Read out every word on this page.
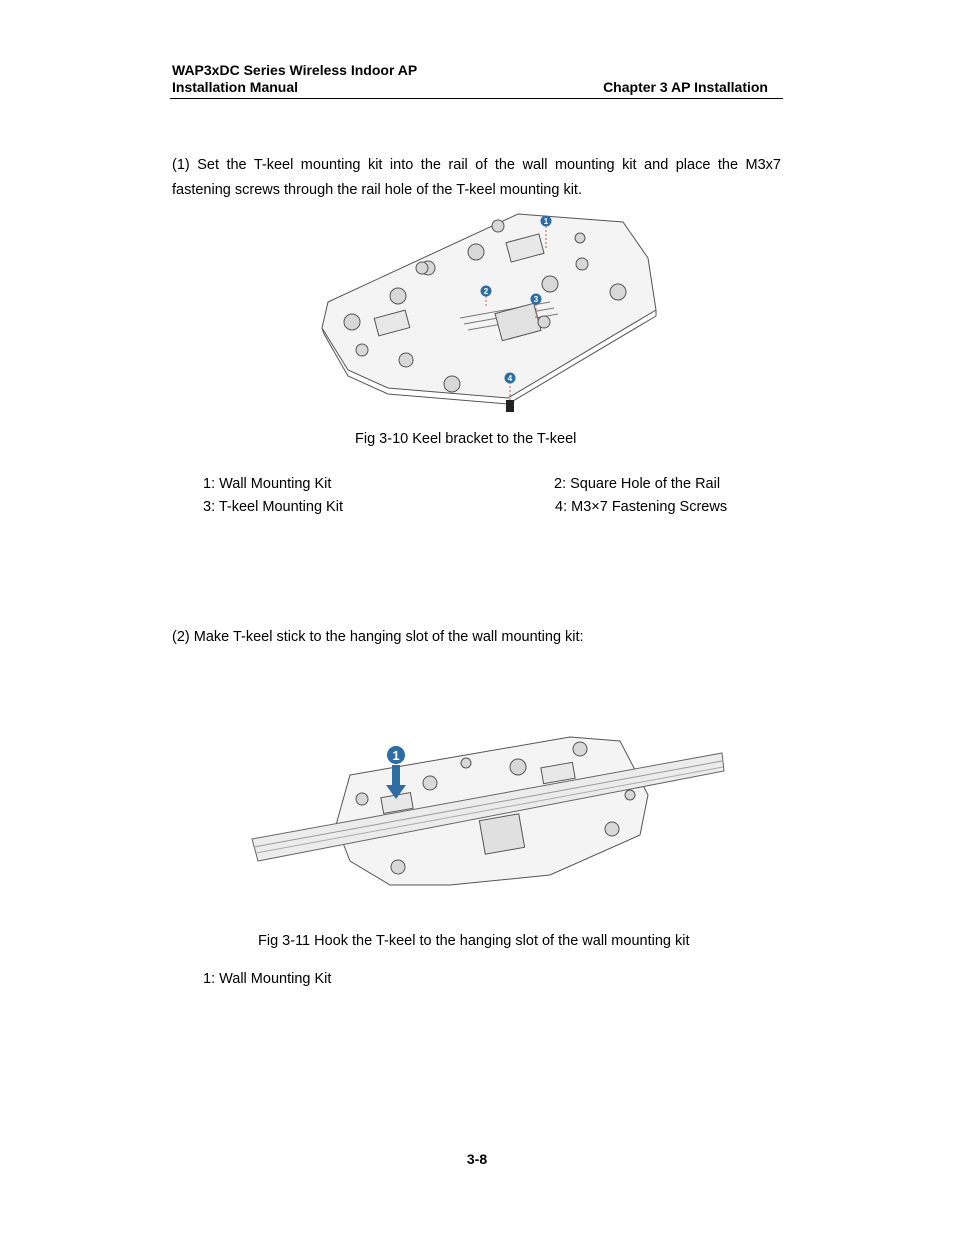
WAP3xDC Series Wireless Indoor AP
Installation Manual	Chapter 3 AP Installation
(1) Set the T-keel mounting kit into the rail of the wall mounting kit and place the M3x7 fastening screws through the rail hole of the T-keel mounting kit.
1
2
3
4
Fig 3-10 Keel bracket to the T-keel
1: Wall Mounting Kit	2: Square Hole of the Rail
3: T-keel Mounting Kit	4: M3×7 Fastening Screws
(2) Make T-keel stick to the hanging slot of the wall mounting kit:
1
Fig 3-11 Hook the T-keel to the hanging slot of the wall mounting kit
1: Wall Mounting Kit
3-8
